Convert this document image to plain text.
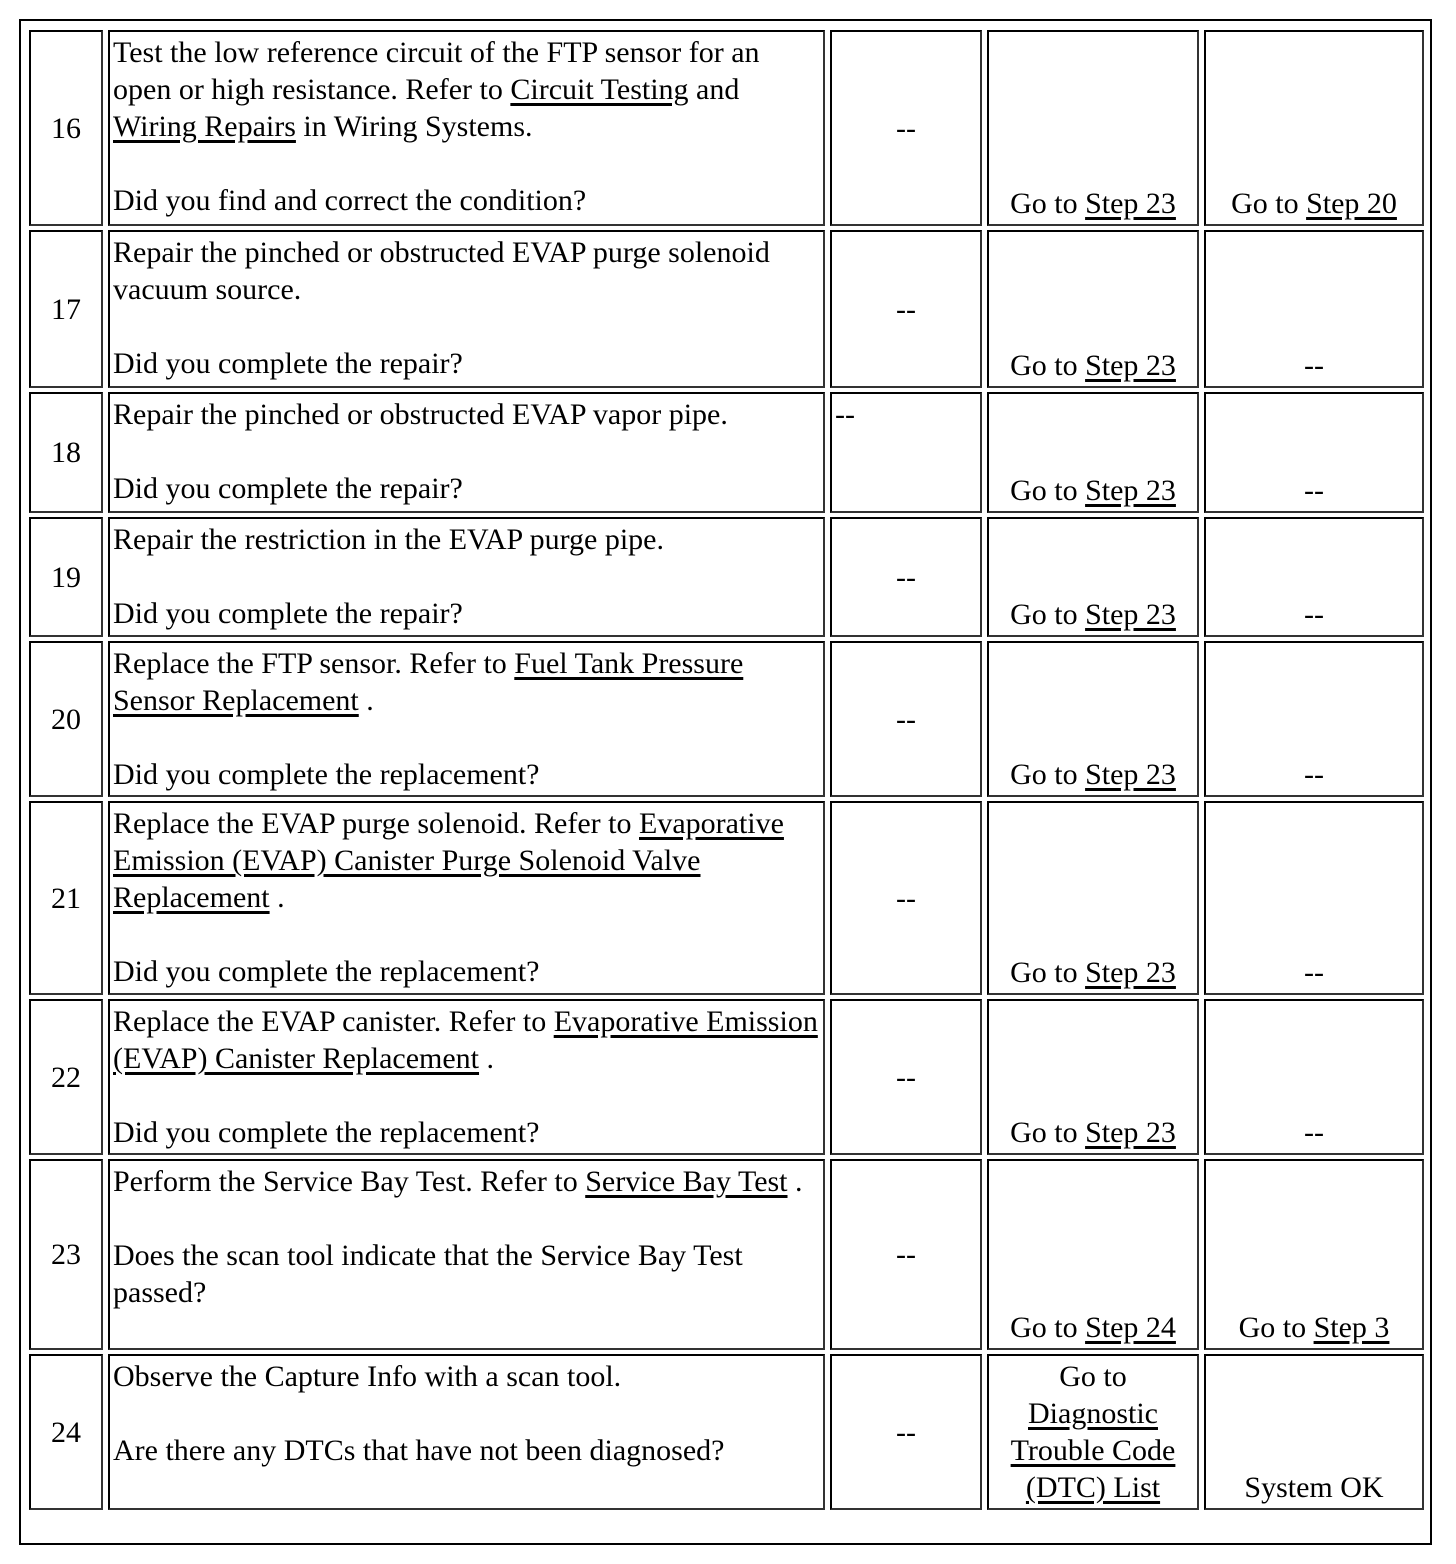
16	Test the low reference circuit of the FTP sensor for an open or high resistance. Refer to Circuit Testing and Wiring Repairs in Wiring Systems.
Did you find and correct the condition?	--	Go to Step 23	Go to Step 20
17	Repair the pinched or obstructed EVAP purge solenoid vacuum source.
Did you complete the repair?	--	Go to Step 23	--
18	Repair the pinched or obstructed EVAP vapor pipe.
Did you complete the repair?	--	Go to Step 23	--
19	Repair the restriction in the EVAP purge pipe.
Did you complete the repair?	--	Go to Step 23	--
20	Replace the FTP sensor. Refer to Fuel Tank Pressure Sensor Replacement .
Did you complete the replacement?	--	Go to Step 23	--
21	Replace the EVAP purge solenoid. Refer to Evaporative Emission (EVAP) Canister Purge Solenoid Valve Replacement .
Did you complete the replacement?	--	Go to Step 23	--
22	Replace the EVAP canister. Refer to Evaporative Emission (EVAP) Canister Replacement .
Did you complete the replacement?	--	Go to Step 23	--
23	Perform the Service Bay Test. Refer to Service Bay Test .
Does the scan tool indicate that the Service Bay Test passed?	--	Go to Step 24	Go to Step 3
24	Observe the Capture Info with a scan tool.
Are there any DTCs that have not been diagnosed?	--	Go to Diagnostic Trouble Code (DTC) List	System OK
